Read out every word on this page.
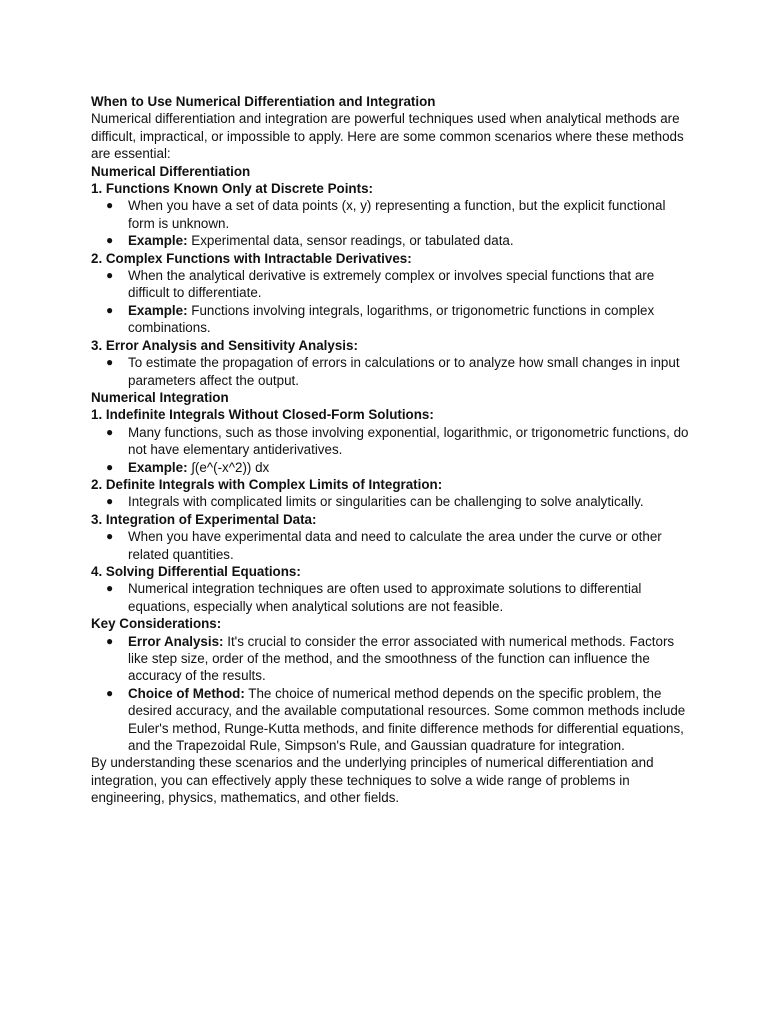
When to Use Numerical Differentiation and Integration

Numerical differentiation and integration are powerful techniques used when analytical methods are difficult, impractical, or impossible to apply. Here are some common scenarios where these methods are essential:

Numerical Differentiation

1. Functions Known Only at Discrete Points:

● When you have a set of data points (x, y) representing a function, but the explicit functional form is unknown.
● Example: Experimental data, sensor readings, or tabulated data.

2. Complex Functions with Intractable Derivatives:

● When the analytical derivative is extremely complex or involves special functions that are difficult to differentiate.
● Example: Functions involving integrals, logarithms, or trigonometric functions in complex combinations.

3. Error Analysis and Sensitivity Analysis:

● To estimate the propagation of errors in calculations or to analyze how small changes in input parameters affect the output.

Numerical Integration

1. Indefinite Integrals Without Closed-Form Solutions:

● Many functions, such as those involving exponential, logarithmic, or trigonometric functions, do not have elementary antiderivatives.
● Example: ∫(e^(-x^2)) dx

2. Definite Integrals with Complex Limits of Integration:

● Integrals with complicated limits or singularities can be challenging to solve analytically.

3. Integration of Experimental Data:

● When you have experimental data and need to calculate the area under the curve or other related quantities.

4. Solving Differential Equations:

● Numerical integration techniques are often used to approximate solutions to differential equations, especially when analytical solutions are not feasible.

Key Considerations:

● Error Analysis: It's crucial to consider the error associated with numerical methods. Factors like step size, order of the method, and the smoothness of the function can influence the accuracy of the results.
● Choice of Method: The choice of numerical method depends on the specific problem, the desired accuracy, and the available computational resources. Some common methods include Euler's method, Runge-Kutta methods, and finite difference methods for differential equations, and the Trapezoidal Rule, Simpson's Rule, and Gaussian quadrature for integration.

By understanding these scenarios and the underlying principles of numerical differentiation and integration, you can effectively apply these techniques to solve a wide range of problems in engineering, physics, mathematics, and other fields.
